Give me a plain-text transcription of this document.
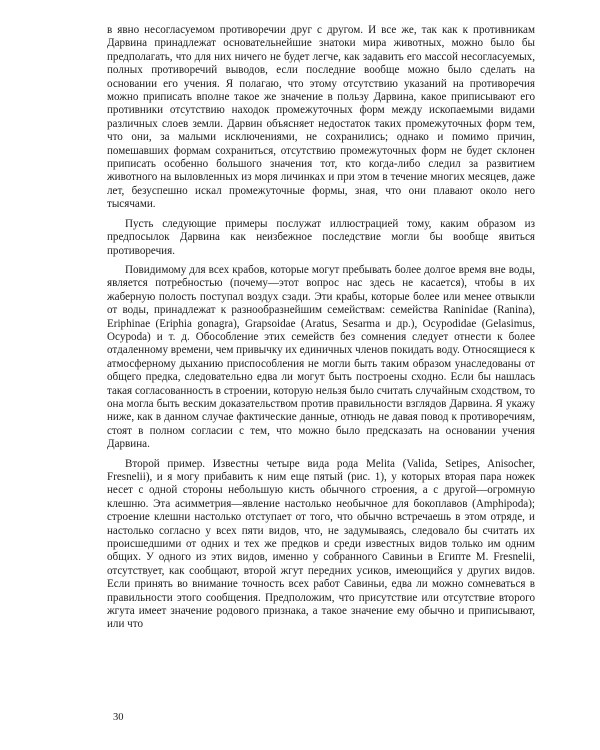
в явно несогласуемом противоречии друг с другом. И все же, так как к противникам Дарвина принадлежат основательнейшие знатоки мира животных, можно было бы предполагать, что для них ничего не будет легче, как задавить его массой несогласуемых, полных противоречий выводов, если последние вообще можно было сделать на основании его учения. Я полагаю, что этому отсутствию указаний на противоречия можно приписать вполне такое же значение в пользу Дарвина, какое приписывают его противники отсутствию находок промежуточных форм между ископаемыми видами различных слоев земли. Дарвин объясняет недостаток таких промежуточных форм тем, что они, за малыми исключениями, не сохранились; однако и помимо причин, помешавших формам сохраниться, отсутствию промежуточных форм не будет склонен приписать особенно большого значения тот, кто когда-либо следил за развитием животного на выловленных из моря личинках и при этом в течение многих месяцев, даже лет, безуспешно искал промежуточные формы, зная, что они плавают около него тысячами.

Пусть следующие примеры послужат иллюстрацией тому, каким образом из предпосылок Дарвина как неизбежное последствие могли бы вообще явиться противоречия.

Повидимому для всех крабов, которые могут пребывать более долгое время вне воды, является потребностью (почему—этот вопрос нас здесь не касается), чтобы в их жаберную полость поступал воздух сзади. Эти крабы, которые более или менее отвыкли от воды, принадлежат к разнообразнейшим семействам: семейства Raninidae (Ranina), Eriphinae (Eriphia gonagra), Grapsoidae (Aratus, Sesarma и др.), Ocypodidae (Gelasimus, Ocypoda) и т. д. Обособление этих семейств без сомнения следует отнести к более отдаленному времени, чем привычку их единичных членов покидать воду. Относящиеся к атмосферному дыханию приспособления не могли быть таким образом унаследованы от общего предка, следовательно едва ли могут быть построены сходно. Если бы нашлась такая согласованность в строении, которую нельзя было считать случайным сходством, то она могла быть веским доказательством против правильности взглядов Дарвина. Я укажу ниже, как в данном случае фактические данные, отнюдь не давая повод к противоречиям, стоят в полном согласии с тем, что можно было предсказать на основании учения Дарвина.

Второй пример. Известны четыре вида рода Melita (Valida, Setipes, Anisocher, Fresnelii), и я могу прибавить к ним еще пятый (рис. 1), у которых вторая пара ножек несет с одной стороны небольшую кисть обычного строения, а с другой—огромную клешню. Эта асимметрия—явление настолько необычное для бокоплавов (Amphipoda); строение клешни настолько отступает от того, что обычно встречаешь в этом отряде, и настолько согласно у всех пяти видов, что, не задумываясь, следовало бы считать их происшедшими от одних и тех же предков и среди известных видов только им одним общих. У одного из этих видов, именно у собранного Савиньи в Египте M. Fresnelii, отсутствует, как сообщают, второй жгут передних усиков, имеющийся у других видов. Если принять во внимание точность всех работ Савиньи, едва ли можно сомневаться в правильности этого сообщения. Предположим, что присутствие или отсутствие второго жгута имеет значение родового признака, а такое значение ему обычно и приписывают, или что

30
